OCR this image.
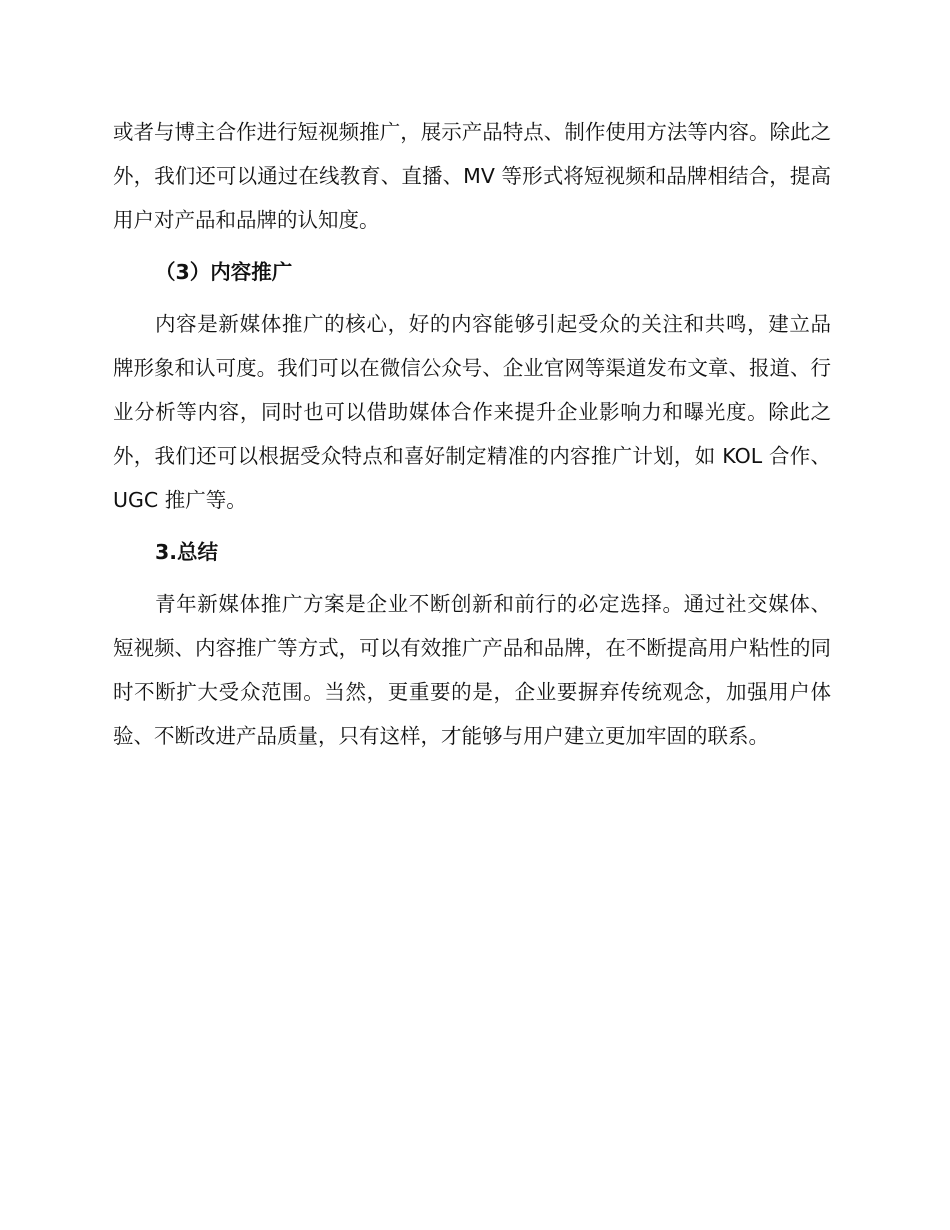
或者与博主合作进行短视频推广，展示产品特点、制作使用方法等内容。除此之外，我们还可以通过在线教育、直播、MV 等形式将短视频和品牌相结合，提高用户对产品和品牌的认知度。

（3）内容推广

内容是新媒体推广的核心，好的内容能够引起受众的关注和共鸣，建立品牌形象和认可度。我们可以在微信公众号、企业官网等渠道发布文章、报道、行业分析等内容，同时也可以借助媒体合作来提升企业影响力和曝光度。除此之外，我们还可以根据受众特点和喜好制定精准的内容推广计划，如 KOL 合作、UGC 推广等。

3.总结

青年新媒体推广方案是企业不断创新和前行的必定选择。通过社交媒体、短视频、内容推广等方式，可以有效推广产品和品牌，在不断提高用户粘性的同时不断扩大受众范围。当然，更重要的是，企业要摒弃传统观念，加强用户体验、不断改进产品质量，只有这样，才能够与用户建立更加牢固的联系。
